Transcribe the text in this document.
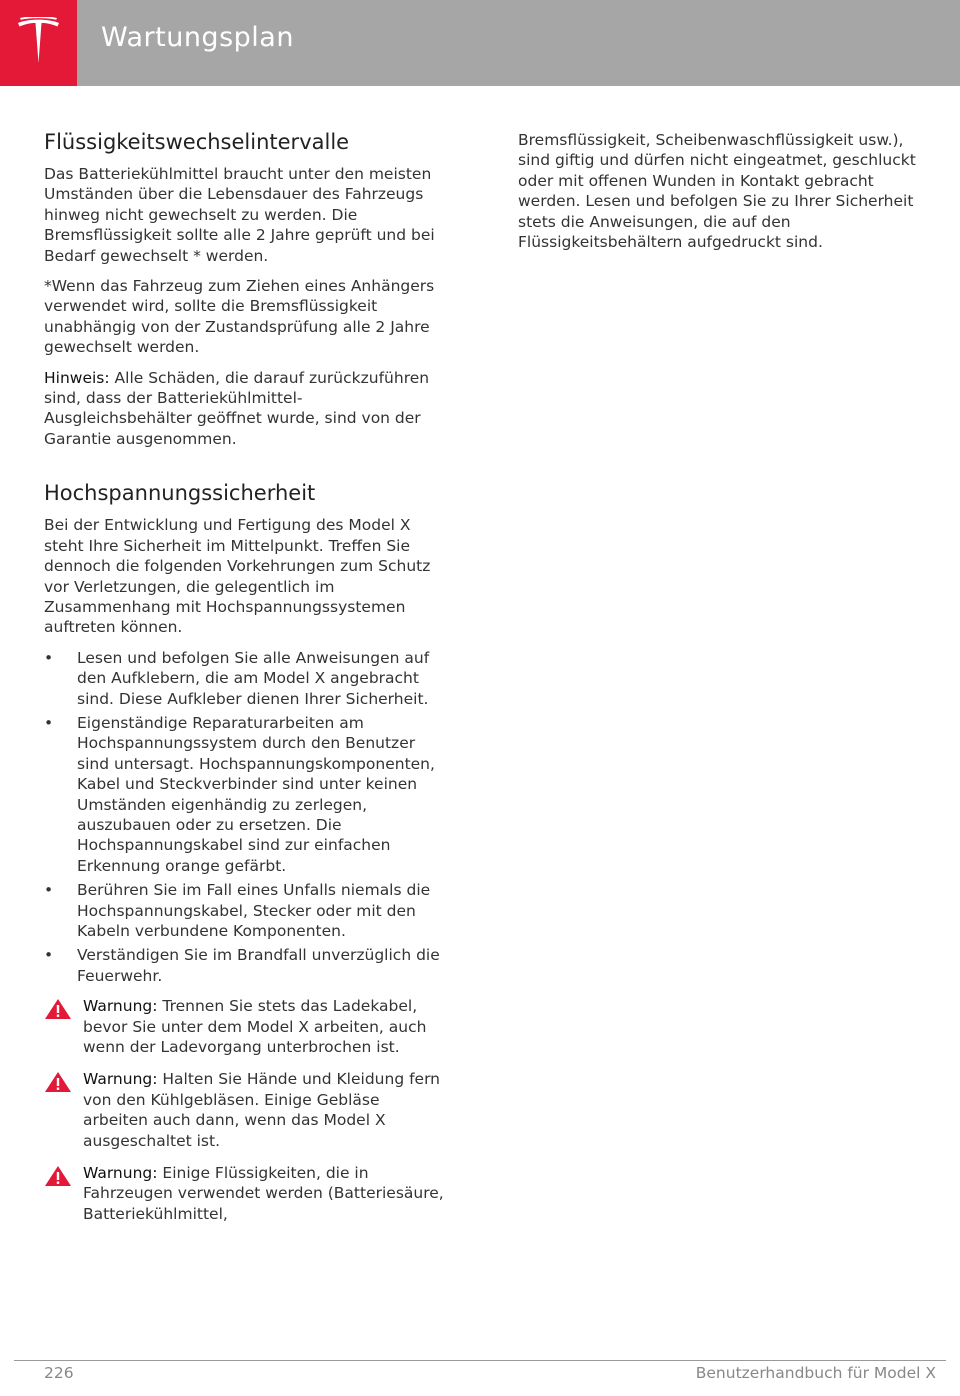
Wartungsplan
Flüssigkeitswechselintervalle

Das Batteriekühlmittel braucht unter den meisten Umständen über die Lebensdauer des Fahrzeugs hinweg nicht gewechselt zu werden. Die Bremsflüssigkeit sollte alle 2 Jahre geprüft und bei Bedarf gewechselt * werden.

*Wenn das Fahrzeug zum Ziehen eines Anhängers verwendet wird, sollte die Bremsflüssigkeit unabhängig von der Zustandsprüfung alle 2 Jahre gewechselt werden.

Hinweis: Alle Schäden, die darauf zurückzuführen sind, dass der Batteriekühlmittel-Ausgleichsbehälter geöffnet wurde, sind von der Garantie ausgenommen.

Hochspannungssicherheit

Bei der Entwicklung und Fertigung des Model X steht Ihre Sicherheit im Mittelpunkt. Treffen Sie dennoch die folgenden Vorkehrungen zum Schutz vor Verletzungen, die gelegentlich im Zusammenhang mit Hochspannungssystemen auftreten können.

• Lesen und befolgen Sie alle Anweisungen auf den Aufklebern, die am Model X angebracht sind. Diese Aufkleber dienen Ihrer Sicherheit.
• Eigenständige Reparaturarbeiten am Hochspannungssystem durch den Benutzer sind untersagt. Hochspannungskomponenten, Kabel und Steckverbinder sind unter keinen Umständen eigenhändig zu zerlegen, auszubauen oder zu ersetzen. Die Hochspannungskabel sind zur einfachen Erkennung orange gefärbt.
• Berühren Sie im Fall eines Unfalls niemals die Hochspannungskabel, Stecker oder mit den Kabeln verbundene Komponenten.
• Verständigen Sie im Brandfall unverzüglich die Feuerwehr.
Warnung: Trennen Sie stets das Ladekabel, bevor Sie unter dem Model X arbeiten, auch wenn der Ladevorgang unterbrochen ist.
Warnung: Halten Sie Hände und Kleidung fern von den Kühlgebläsen. Einige Gebläse arbeiten auch dann, wenn das Model X ausgeschaltet ist.
Warnung: Einige Flüssigkeiten, die in Fahrzeugen verwendet werden (Batteriesäure, Batteriekühlmittel,

Bremsflüssigkeit, Scheibenwaschflüssigkeit usw.), sind giftig und dürfen nicht eingeatmet, geschluckt oder mit offenen Wunden in Kontakt gebracht werden. Lesen und befolgen Sie zu Ihrer Sicherheit stets die Anweisungen, die auf den Flüssigkeitsbehältern aufgedruckt sind.

226	Benutzerhandbuch für Model X
